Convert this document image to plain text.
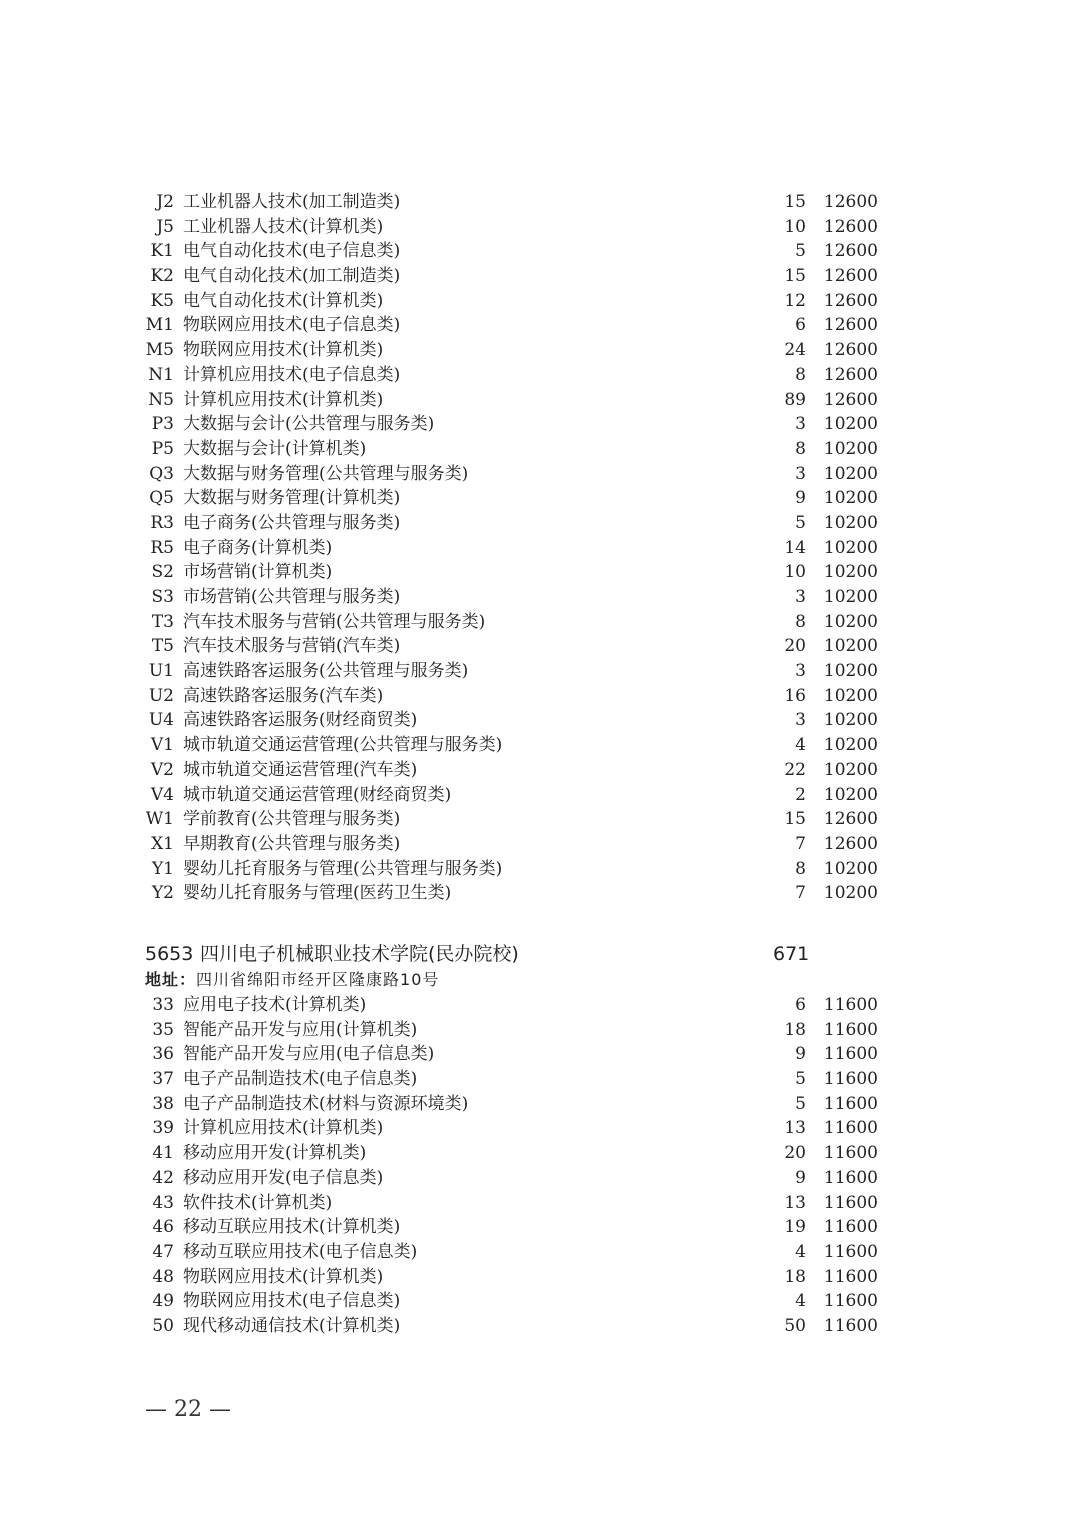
J2 工业机器人技术(加工制造类)	15 12600
J5 工业机器人技术(计算机类)	10 12600
K1 电气自动化技术(电子信息类)	5 12600
K2 电气自动化技术(加工制造类)	15 12600
K5 电气自动化技术(计算机类)	12 12600
M1 物联网应用技术(电子信息类)	6 12600
M5 物联网应用技术(计算机类)	24 12600
N1 计算机应用技术(电子信息类)	8 12600
N5 计算机应用技术(计算机类)	89 12600
P3 大数据与会计(公共管理与服务类)	3 10200
P5 大数据与会计(计算机类)	8 10200
Q3 大数据与财务管理(公共管理与服务类)	3 10200
Q5 大数据与财务管理(计算机类)	9 10200
R3 电子商务(公共管理与服务类)	5 10200
R5 电子商务(计算机类)	14 10200
S2 市场营销(计算机类)	10 10200
S3 市场营销(公共管理与服务类)	3 10200
T3 汽车技术服务与营销(公共管理与服务类)	8 10200
T5 汽车技术服务与营销(汽车类)	20 10200
U1 高速铁路客运服务(公共管理与服务类)	3 10200
U2 高速铁路客运服务(汽车类)	16 10200
U4 高速铁路客运服务(财经商贸类)	3 10200
V1 城市轨道交通运营管理(公共管理与服务类)	4 10200
V2 城市轨道交通运营管理(汽车类)	22 10200
V4 城市轨道交通运营管理(财经商贸类)	2 10200
W1 学前教育(公共管理与服务类)	15 12600
X1 早期教育(公共管理与服务类)	7 12600
Y1 婴幼儿托育服务与管理(公共管理与服务类)	8 10200
Y2 婴幼儿托育服务与管理(医药卫生类)	7 10200
5653 四川电子机械职业技术学院(民办院校)	671
地址：四川省绵阳市经开区隆康路10号
33 应用电子技术(计算机类)	6 11600
35 智能产品开发与应用(计算机类)	18 11600
36 智能产品开发与应用(电子信息类)	9 11600
37 电子产品制造技术(电子信息类)	5 11600
38 电子产品制造技术(材料与资源环境类)	5 11600
39 计算机应用技术(计算机类)	13 11600
41 移动应用开发(计算机类)	20 11600
42 移动应用开发(电子信息类)	9 11600
43 软件技术(计算机类)	13 11600
46 移动互联应用技术(计算机类)	19 11600
47 移动互联应用技术(电子信息类)	4 11600
48 物联网应用技术(计算机类)	18 11600
49 物联网应用技术(电子信息类)	4 11600
50 现代移动通信技术(计算机类)	50 11600
— 22 —
